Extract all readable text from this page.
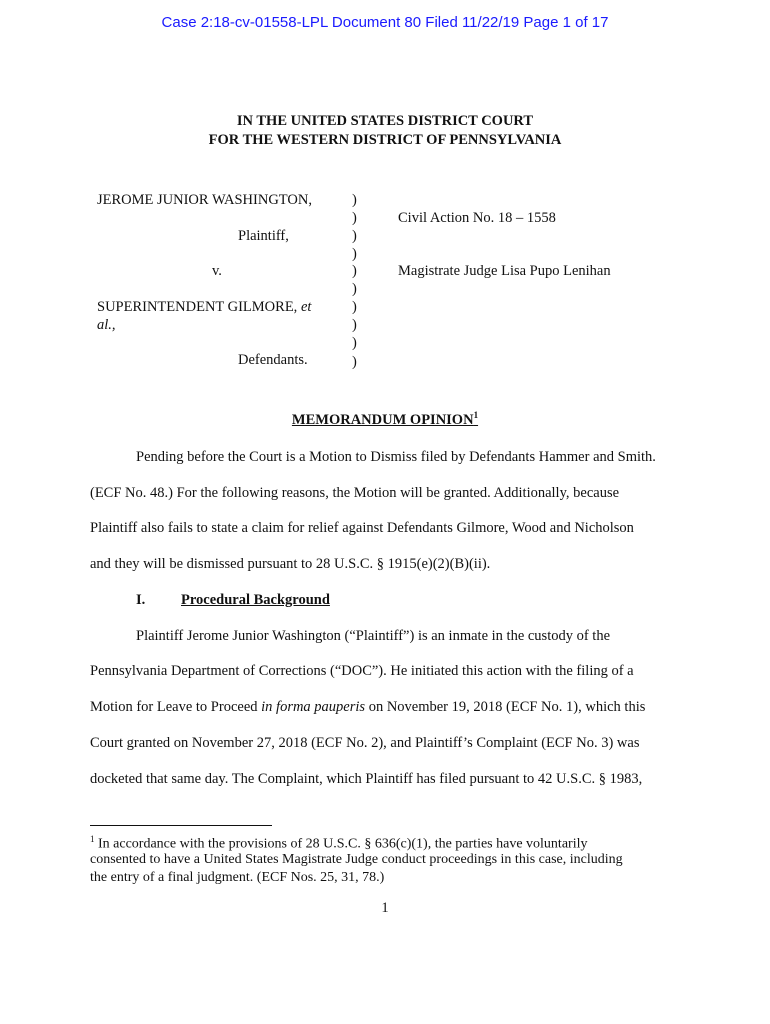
Case 2:18-cv-01558-LPL Document 80 Filed 11/22/19 Page 1 of 17
IN THE UNITED STATES DISTRICT COURT
FOR THE WESTERN DISTRICT OF PENNSYLVANIA
JEROME JUNIOR WASHINGTON,
Plaintiff,
v.
SUPERINTENDENT GILMORE, et
al.,
Defendants.
)
)
)
)
)
)
)
)
)
)
Civil Action No. 18 – 1558
Magistrate Judge Lisa Pupo Lenihan
MEMORANDUM OPINION$^1$
Pending before the Court is a Motion to Dismiss filed by Defendants Hammer and Smith.
(ECF No. 48.) For the following reasons, the Motion will be granted. Additionally, because
Plaintiff also fails to state a claim for relief against Defendants Gilmore, Wood and Nicholson
and they will be dismissed pursuant to 28 U.S.C. § 1915(e)(2)(B)(ii).
I. Procedural Background
Plaintiff Jerome Junior Washington (“Plaintiff”) is an inmate in the custody of the
Pennsylvania Department of Corrections (“DOC”). He initiated this action with the filing of a
Motion for Leave to Proceed in forma pauperis on November 19, 2018 (ECF No. 1), which this
Court granted on November 27, 2018 (ECF No. 2), and Plaintiff’s Complaint (ECF No. 3) was
docketed that same day. The Complaint, which Plaintiff has filed pursuant to 42 U.S.C. § 1983,
$^1$ In accordance with the provisions of 28 U.S.C. § 636(c)(1), the parties have voluntarily
consented to have a United States Magistrate Judge conduct proceedings in this case, including
the entry of a final judgment. (ECF Nos. 25, 31, 78.)
1
